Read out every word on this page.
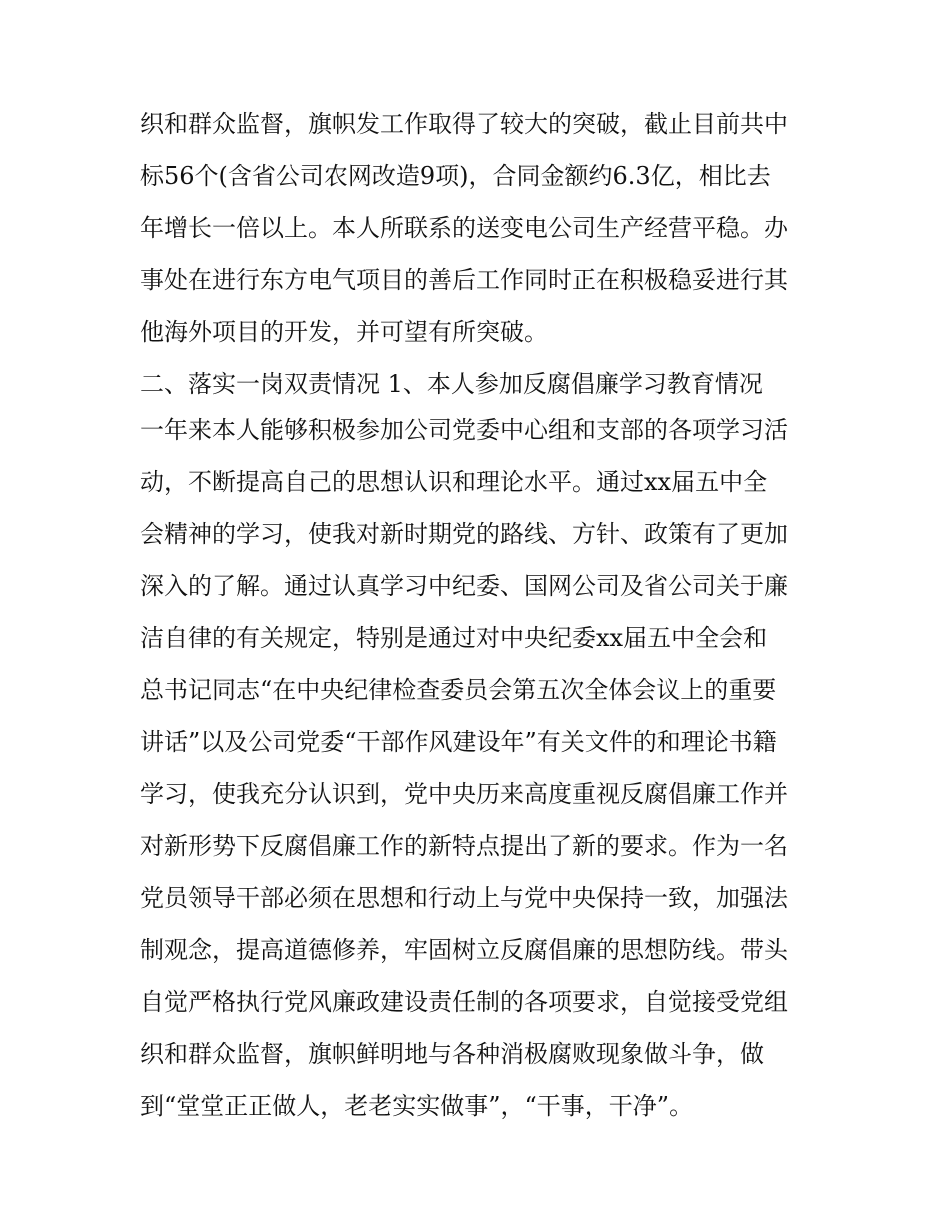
织和群众监督，旗帜发工作取得了较大的突破，截止目前共中
标56个(含省公司农网改造9项)，合同金额约6.3亿，相比去
年增长一倍以上。本人所联系的送变电公司生产经营平稳。办
事处在进行东方电气项目的善后工作同时正在积极稳妥进行其
他海外项目的开发，并可望有所突破。
二、落实一岗双责情况 1、本人参加反腐倡廉学习教育情况
一年来本人能够积极参加公司党委中心组和支部的各项学习活
动，不断提高自己的思想认识和理论水平。通过xx届五中全
会精神的学习，使我对新时期党的路线、方针、政策有了更加
深入的了解。通过认真学习中纪委、国网公司及省公司关于廉
洁自律的有关规定，特别是通过对中央纪委xx届五中全会和
总书记同志“在中央纪律检查委员会第五次全体会议上的重要
讲话”以及公司党委“干部作风建设年”有关文件的和理论书籍
学习，使我充分认识到，党中央历来高度重视反腐倡廉工作并
对新形势下反腐倡廉工作的新特点提出了新的要求。作为一名
党员领导干部必须在思想和行动上与党中央保持一致，加强法
制观念，提高道德修养，牢固树立反腐倡廉的思想防线。带头
自觉严格执行党风廉政建设责任制的各项要求，自觉接受党组
织和群众监督，旗帜鲜明地与各种消极腐败现象做斗争，做
到“堂堂正正做人，老老实实做事”，“干事，干净”。
